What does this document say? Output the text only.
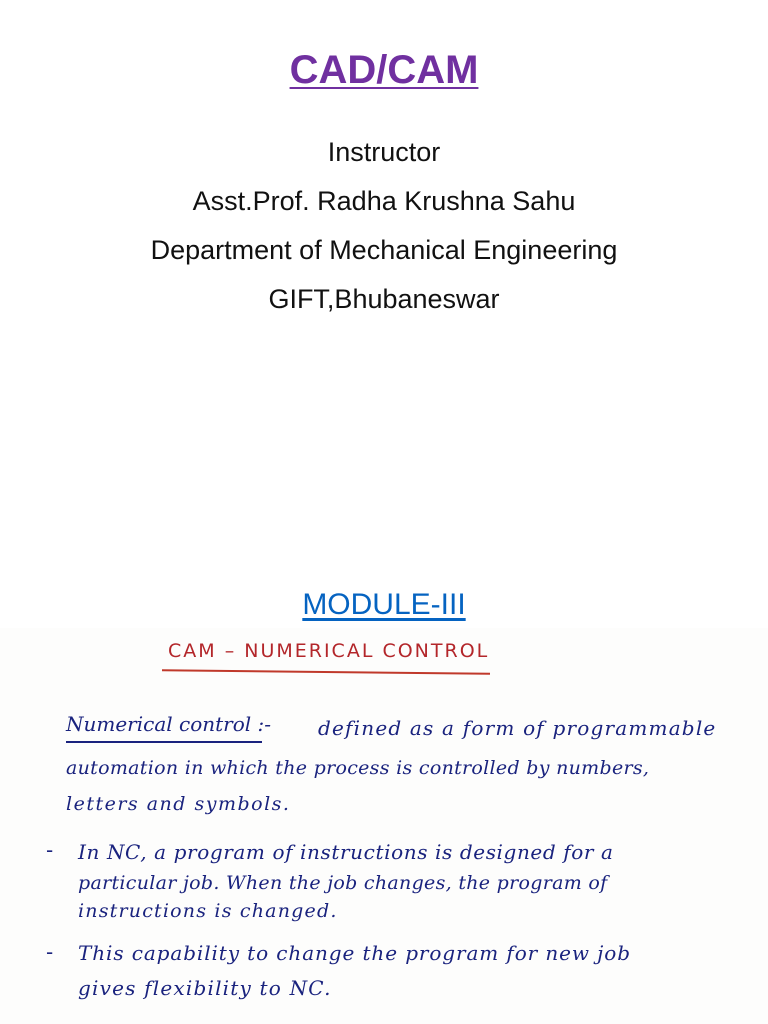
CAD/CAM
Instructor
Asst.Prof. Radha Krushna Sahu
Department of Mechanical Engineering
GIFT,Bhubaneswar
MODULE-III
CAM – NUMERICAL CONTROL
Numerical control :- defined as a form of programmable
automation in which the process is controlled by numbers,
letters and symbols.
- In NC, a program of instructions is designed for a
particular job. When the job changes, the program of
instructions is changed.
- This capability to change the program for new job
gives flexibility to NC.
